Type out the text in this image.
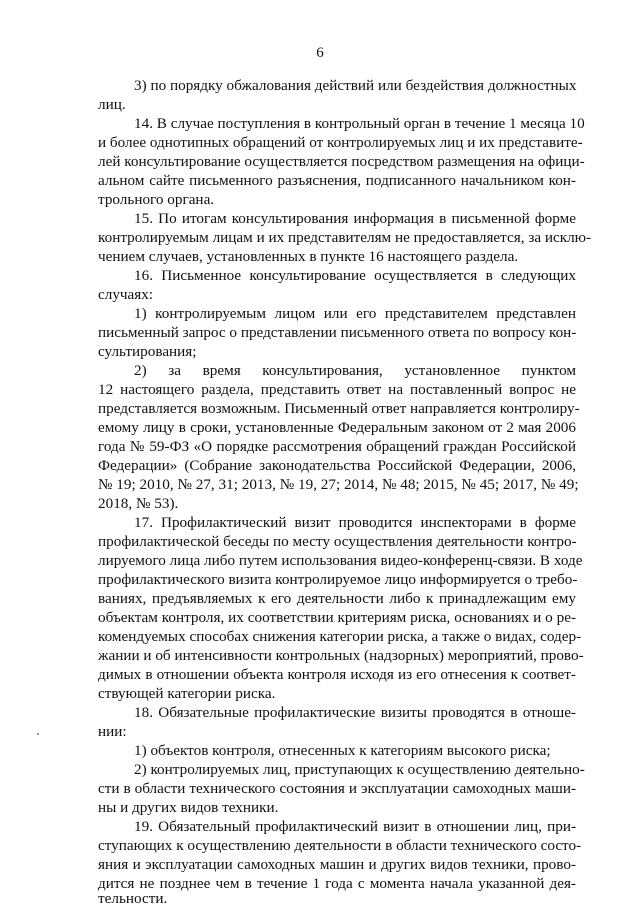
6
3) по порядку обжалования действий или бездействия должностных
лиц.
14. В случае поступления в контрольный орган в течение 1 месяца 10
и более однотипных обращений от контролируемых лиц и их представите-
лей консультирование осуществляется посредством размещения на офици-
альном сайте письменного разъяснения, подписанного начальником кон-
трольного органа.
15. По итогам консультирования информация в письменной форме
контролируемым лицам и их представителям не предоставляется, за исклю-
чением случаев, установленных в пункте 16 настоящего раздела.
16. Письменное консультирование осуществляется в следующих
случаях:
1) контролируемым лицом или его представителем представлен
письменный запрос о представлении письменного ответа по вопросу кон-
сультирования;
2) за время консультирования, установленное пунктом
12 настоящего раздела, представить ответ на поставленный вопрос не
представляется возможным. Письменный ответ направляется контролиру-
емому лицу в сроки, установленные Федеральным законом от 2 мая 2006
года № 59-ФЗ «О порядке рассмотрения обращений граждан Российской
Федерации» (Собрание законодательства Российской Федерации, 2006,
№ 19; 2010, № 27, 31; 2013, № 19, 27; 2014, № 48; 2015, № 45; 2017, № 49;
2018, № 53).
17. Профилактический визит проводится инспекторами в форме
профилактической беседы по месту осуществления деятельности контро-
лируемого лица либо путем использования видео-конференц-связи. В ходе
профилактического визита контролируемое лицо информируется о требо-
ваниях, предъявляемых к его деятельности либо к принадлежащим ему
объектам контроля, их соответствии критериям риска, основаниях и о ре-
комендуемых способах снижения категории риска, а также о видах, содер-
жании и об интенсивности контрольных (надзорных) мероприятий, прово-
димых в отношении объекта контроля исходя из его отнесения к соответ-
ствующей категории риска.
18. Обязательные профилактические визиты проводятся в отноше-
нии:
1) объектов контроля, отнесенных к категориям высокого риска;
2) контролируемых лиц, приступающих к осуществлению деятельно-
сти в области технического состояния и эксплуатации самоходных маши-
ны и других видов техники.
19. Обязательный профилактический визит в отношении лиц, при-
ступающих к осуществлению деятельности в области технического состо-
яния и эксплуатации самоходных машин и других видов техники, прово-
дится не позднее чем в течение 1 года с момента начала указанной дея-
тельности.
